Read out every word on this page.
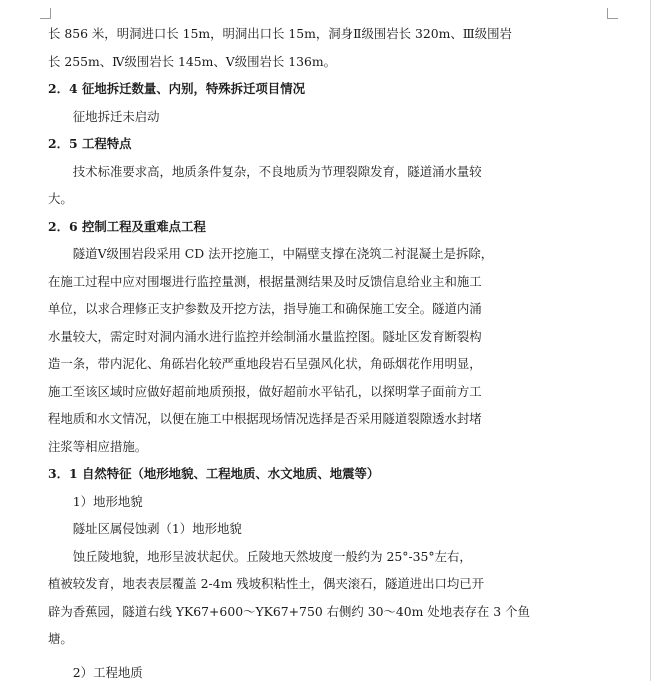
长 856 米，明洞进口长 15m，明洞出口长 15m，洞身Ⅱ级围岩长 320m、Ⅲ级围岩
长 255m、Ⅳ级围岩长 145m、Ⅴ级围岩长 136m。
2．4 征地拆迁数量、内别，特殊拆迁项目情况
征地拆迁未启动
2．5 工程特点
技术标准要求高，地质条件复杂，不良地质为节理裂隙发育，隧道涌水量较
大。
2．6 控制工程及重难点工程
隧道Ⅴ级围岩段采用 CD 法开挖施工，中隔壁支撑在浇筑二衬混凝土是拆除，
在施工过程中应对围堰进行监控量测，根据量测结果及时反馈信息给业主和施工
单位，以求合理修正支护参数及开挖方法，指导施工和确保施工安全。隧道内涌
水量较大，需定时对洞内涌水进行监控并绘制涌水量监控图。隧址区发育断裂构
造一条，带内泥化、角砾岩化较严重地段岩石呈强风化状，角砾烟花作用明显，
施工至该区域时应做好超前地质预报，做好超前水平钻孔，以探明掌子面前方工
程地质和水文情况，以便在施工中根据现场情况选择是否采用隧道裂隙透水封堵
注浆等相应措施。
3．1 自然特征（地形地貌、工程地质、水文地质、地震等）
1）地形地貌
隧址区属侵蚀剥（1）地形地貌
蚀丘陵地貌，地形呈波状起伏。丘陵地天然坡度一般约为 25°-35°左右，
植被较发育，地表表层覆盖 2-4m 残坡积粘性土，偶夹滚石，隧道进出口均已开
辟为香蕉园，隧道右线 YK67+600～YK67+750 右侧约 30～40m 处地表存在 3 个鱼
塘。
2）工程地质
